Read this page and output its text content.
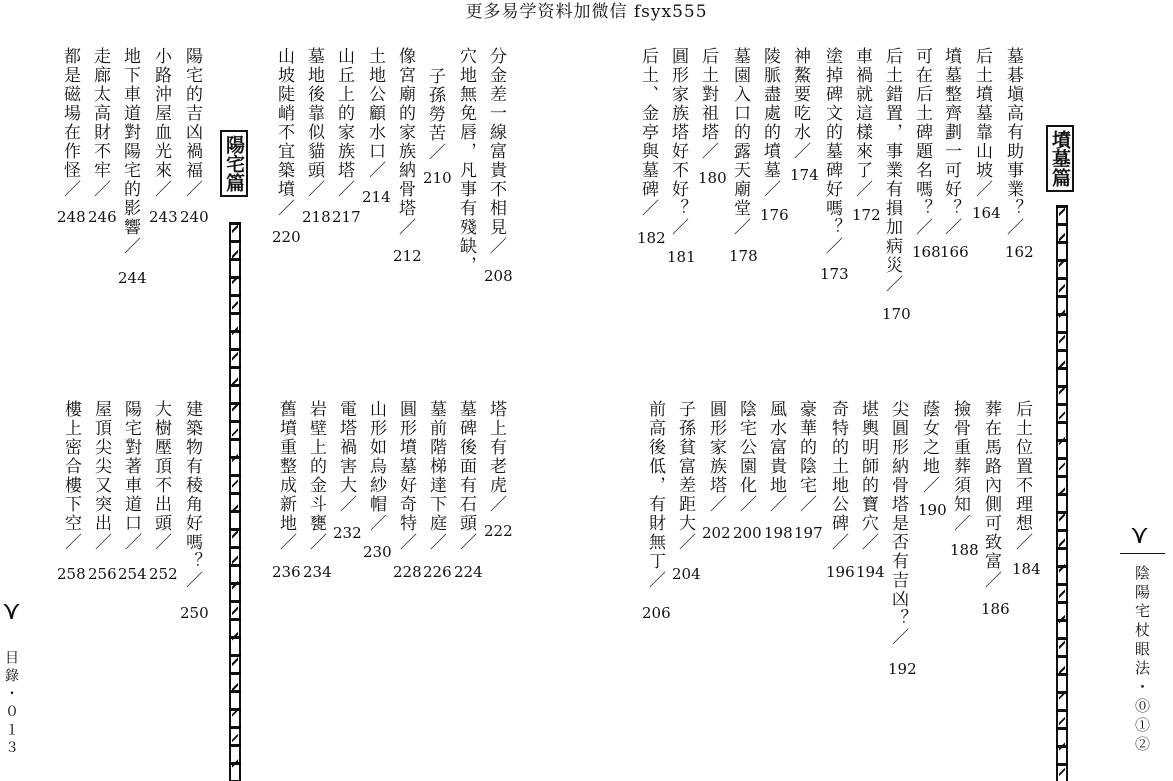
更多易学资料加微信 fsyx555
墳墓篇
陽宅篇
⋎
陰陽宅杖眼法・⓪①②
⋎
目錄・０１３
墓碁塡高有助事業？／
162
后土墳墓靠山坡／
164
墳墓整齊劃一可好？／
166
可在后土碑題名嗎？／
168
后土錯置，事業有損加病災／
170
車禍就這樣來了／
172
塗掉碑文的墓碑好嗎？／
173
神鰲要吃水／
174
陵脈盡處的墳墓／
176
墓園入口的露天廟堂／
178
后土對祖塔／
180
圓形家族塔好不好？／
181
后土、金亭與墓碑／
182
后土位置不理想／
184
葬在馬路內側可致富／
186
撿骨重葬須知／
188
蔭女之地／
190
尖圓形納骨塔是否有吉凶？／
192
堪輿明師的寶穴／
194
奇特的土地公碑／
196
豪華的陰宅／
197
風水富貴地／
198
陰宅公園化／
200
圓形家族塔／
202
子孫貧富差距大／
204
前高後低，有財無丁／
206
分金差一線富貴不相見／
208
穴地無免唇，凡事有殘缺，
子孫勞苦／
210
像宮廟的家族納骨塔／
212
土地公顧水口／
214
山丘上的家族塔／
217
墓地後靠似貓頭／
218
山坡陡峭不宜築墳／
220
陽宅的吉凶禍福／
240
小路沖屋血光來／
243
地下車道對陽宅的影響／
244
走廊太高財不牢／
246
都是磁場在作怪／
248
塔上有老虎／
222
墓碑後面有石頭／
224
墓前階梯達下庭／
226
圓形墳墓好奇特／
228
山形如烏紗帽／
230
電塔禍害大／
232
岩壁上的金斗甕／
234
舊墳重整成新地／
236
建築物有稜角好嗎？／
250
大樹壓頂不出頭／
252
陽宅對著車道口／
254
屋頂尖尖又突出／
256
樓上密合樓下空／
258
